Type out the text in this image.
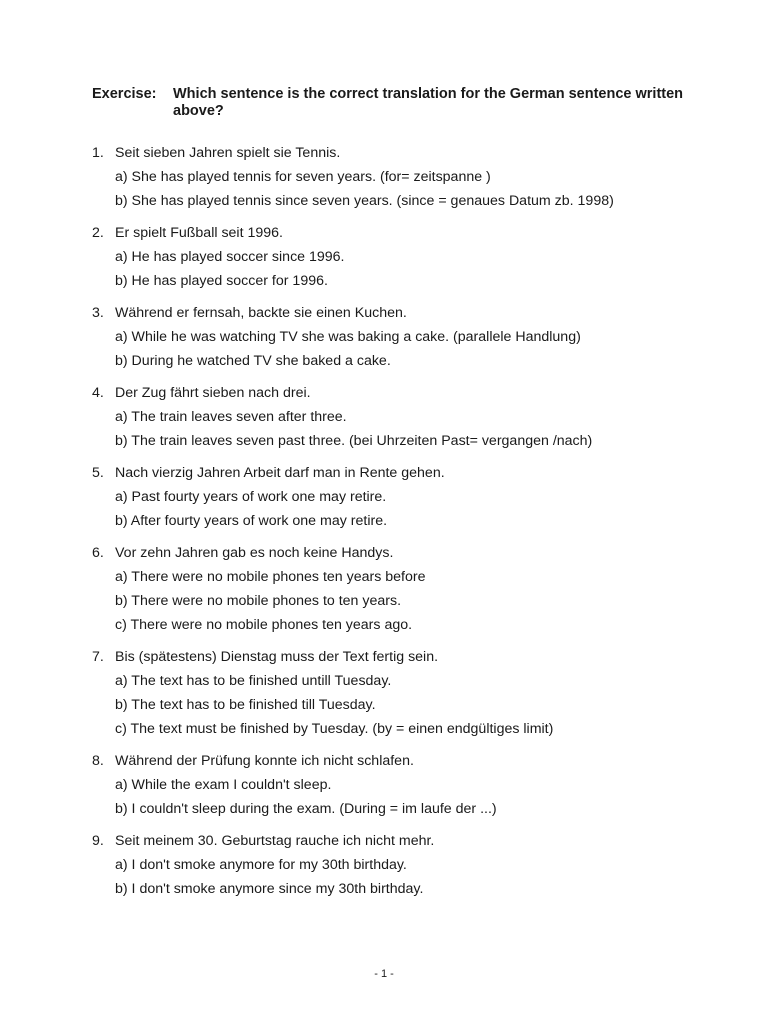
Exercise: Which sentence is the correct translation for the German sentence written above?
1. Seit sieben Jahren spielt sie Tennis.
a) She has played tennis for seven years. (for= zeitspanne )
b) She has played tennis since seven years. (since = genaues Datum zb. 1998)
2. Er spielt Fußball seit 1996.
a) He has played soccer since 1996.
b) He has played soccer for 1996.
3. Während er fernsah, backte sie einen Kuchen.
a) While he was watching TV she was baking a cake. (parallele Handlung)
b) During he watched TV she baked a cake.
4. Der Zug fährt sieben nach drei.
a) The train leaves seven after three.
b) The train leaves seven past three. (bei Uhrzeiten Past= vergangen /nach)
5. Nach vierzig Jahren Arbeit darf man in Rente gehen.
a) Past fourty years of work one may retire.
b) After fourty years of work one may retire.
6. Vor zehn Jahren gab es noch keine Handys.
a) There were no mobile phones ten years before
b) There were no mobile phones to ten years.
c) There were no mobile phones ten years ago.
7. Bis (spätestens) Dienstag muss der Text fertig sein.
a) The text has to be finished untill Tuesday.
b) The text has to be finished till Tuesday.
c) The text must be finished by Tuesday. (by = einen endgültiges limit)
8. Während der Prüfung konnte ich nicht schlafen.
a) While the exam I couldn't sleep.
b) I couldn't sleep during the exam. (During = im laufe der ...)
9. Seit meinem 30. Geburtstag rauche ich nicht mehr.
a) I don't smoke anymore for my 30th birthday.
b) I don't smoke anymore since my 30th birthday.
- 1 -
